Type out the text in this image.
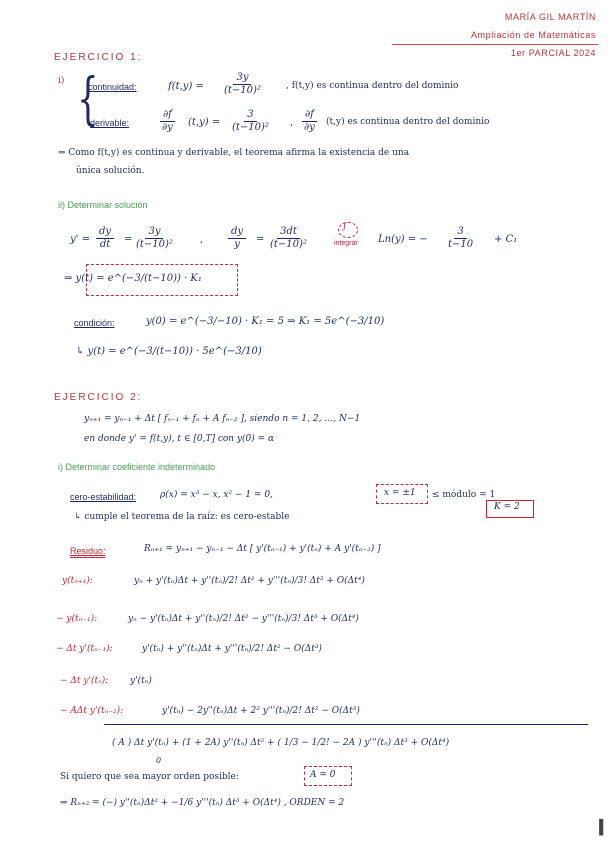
MARÍA GIL MARTÍN
Ampliación de Matemáticas
1er PARCIAL 2024
EJERCICIO 1:
i) {
continuidad:	$f(t,y) = \frac{3y}{\text{(t−10)²}}$	, f(t,y) es continua dentro del dominio
derivable:	$\frac{\partial f}{\partial y} (t,y) = \frac{3}{\text{(t−10)²}}$ , $\frac{\partial f}{\partial y} (t,y)$ es continua dentro del dominio
⇒ Como f(t,y) es continua y derivable, el teorema afirma la existencia de una
única solución.
ii) Determinar solución
$y' = \frac{dy}{dt} = \frac{3y}{\text{(t−10)²}}$	, $\frac{dy}{y} = \frac{3dt}{\text{(t−10)²}}$	∫
integrar Ln(y) = − $\frac{3}{t-10} + C_1$
⇒ y(t) = e^(−3/(t−10)) · K₁
condición:	y(0) = e^(−3/−10) · K₁ = 5 ⇒ K₁ = 5e^(−3/10)
↳ y(t) = e^(−3/(t−10)) · 5e^(−3/10)
EJERCICIO 2:
yₙ₊₁ = yₙ₋₁ + Δt [ fₙ₋₁ + fₙ + A fₙ₋₂ ], siendo n = 1, 2, …, N−1
en donde y' = f(t,y), t ∈ [0,T] con y(0) = α
i) Determinar coeficiente indeterminado
cero-estabilidad:	ρ(x) = x³ − x, x² − 1 = 0,	x = ±1 ≤ módulo = 1
K = 2
↳ cumple el teorema de la raíz: es cero-estable
Residuo:	Rₙ₊₁ = yₙ₊₁ − yₙ₋₁ − Δt [ y'(tₙ₋₁) + y'(tₙ) + A y'(tₙ₋₂) ]
y(tₙ₊₁):	yₙ + y'(tₙ)Δt + y''(tₙ)/2! Δt² + y'''(tₙ)/3! Δt³ + O(Δt⁴)
− y(tₙ₋₁):	yₙ − y'(tₙ)Δt + y''(tₙ)/2! Δt² − y'''(tₙ)/3! Δt³ + O(Δt⁴)
− Δt y'(tₙ₋₁):	y'(tₙ) + y''(tₙ)Δt + y'''(tₙ)/2! Δt² − O(Δt³)
− Δt y'(tₙ): y'(tₙ)
− AΔt y'(tₙ₋₂):	y'(tₙ) − 2y''(tₙ)Δt + 2² y'''(tₙ)/2! Δt² − O(Δt³)
( A ) Δt y'(tₙ) + (1 + 2A) y''(tₙ) Δt² + ( 1/3 − 1/2! − 2A ) y'''(tₙ) Δt³ + O(Δt⁴)
0
Si quiero que sea mayor orden posible:	A = 0
⇒ Rₙ₊₂ = (−) y''(tₙ)Δt² + −1/6 y'''(tₙ) Δt³ + O(Δt⁴) , ORDEN = 2
▍
